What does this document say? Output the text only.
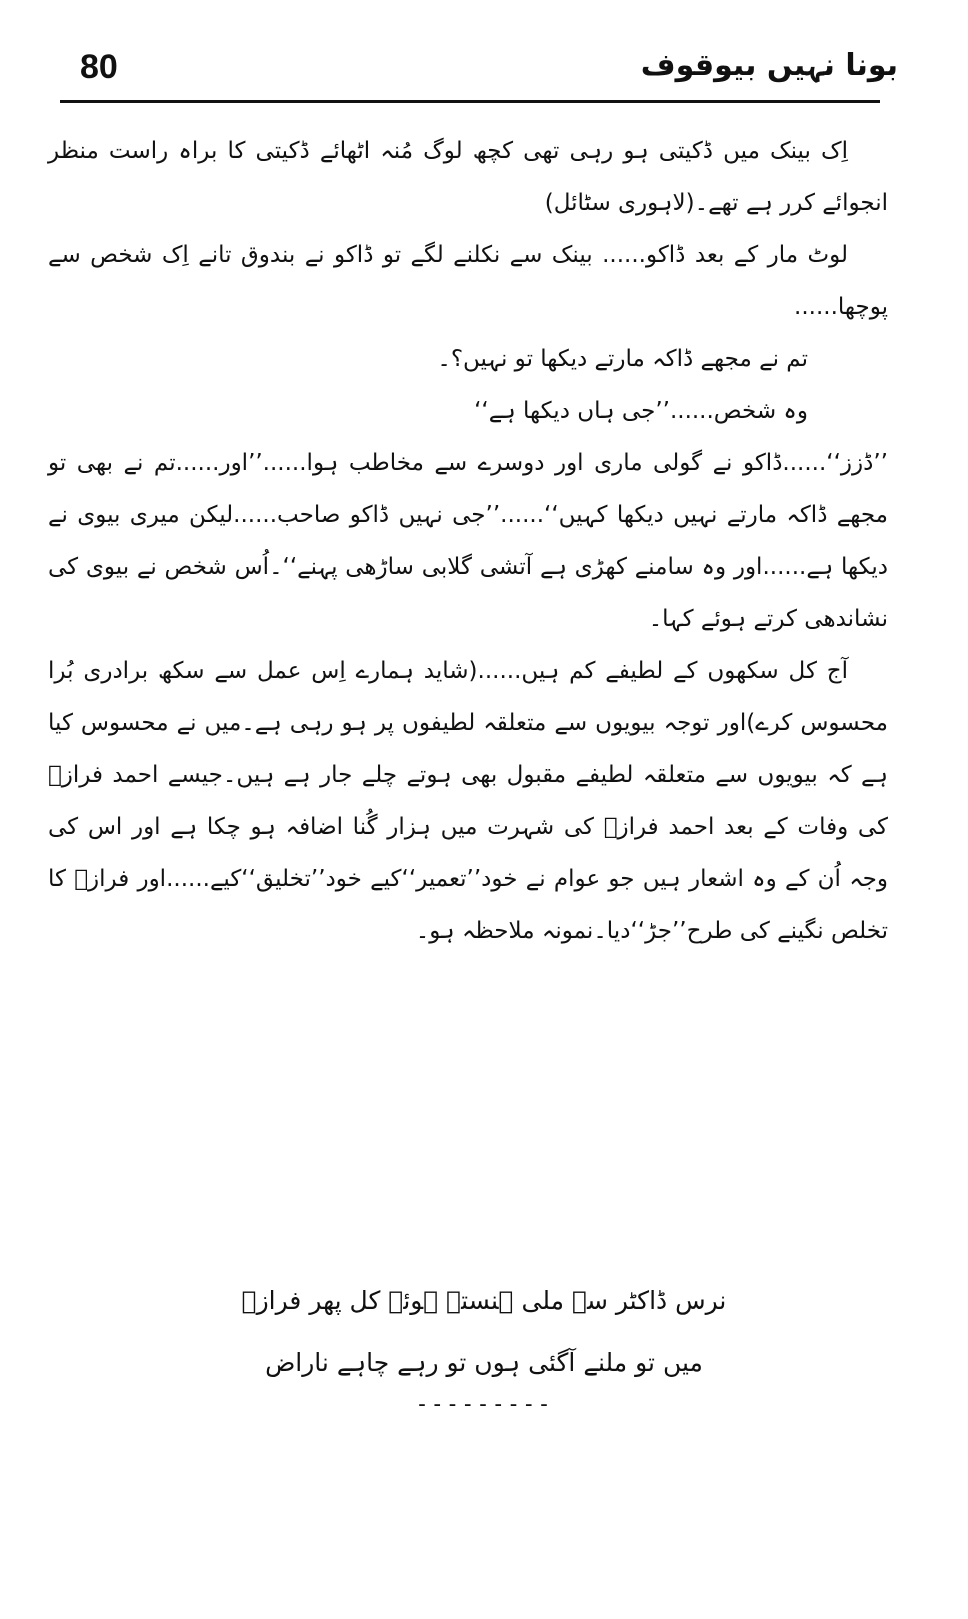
80	بونا نہیں بیوقوف

اِک بینک میں ڈکیتی ہو رہی تھی کچھ لوگ مُنہ اٹھائے ڈکیتی کا براہ راست منظر انجوائے کرر ہے تھے۔(لاہوری سٹائل)

لوٹ مار کے بعد ڈاکو...... بینک سے نکلنے لگے تو ڈاکو نے بندوق تانے اِک شخص سے پوچھا......

تم نے مجھے ڈاکہ مارتے دیکھا تو نہیں؟۔

وہ شخص......’’جی ہاں دیکھا ہے‘‘

’’ڈزز‘‘......ڈاکو نے گولی ماری اور دوسرے سے مخاطب ہوا......’’اور......تم نے بھی تو مجھے ڈاکہ مارتے نہیں دیکھا کہیں‘‘......’’جی نہیں ڈاکو صاحب......لیکن میری بیوی نے دیکھا ہے......اور وہ سامنے کھڑی ہے آتشی گلابی ساڑھی پہنے‘‘۔اُس شخص نے بیوی کی نشاندھی کرتے ہوئے کہا۔

آج کل سکھوں کے لطیفے کم ہیں......(شاید ہمارے اِس عمل سے سکھ برادری بُرا محسوس کرے)اور توجہ بیویوں سے متعلقہ لطیفوں پر ہو رہی ہے۔میں نے محسوس کیا ہے کہ بیویوں سے متعلقہ لطیفے مقبول بھی ہوتے چلے جار ہے ہیں۔جیسے احمد فرازؔ کی وفات کے بعد احمد فرازؔ کی شہرت میں ہزار گُنا اضافہ ہو چکا ہے اور اس کی وجہ اُن کے وہ اشعار ہیں جو عوام نے خود’’تعمیر‘‘کیے خود’’تخلیق‘‘کیے......اور فرازؔ کا تخلص نگینے کی طرح’’جڑ‘‘دیا۔نمونہ ملاحظہ ہو۔

نرس ڈاکٹر سے ملی ہنستے ہوئے کل پھر فرازؔ
میں تو ملنے آگئی ہوں تو رہے چاہے ناراض
---------
